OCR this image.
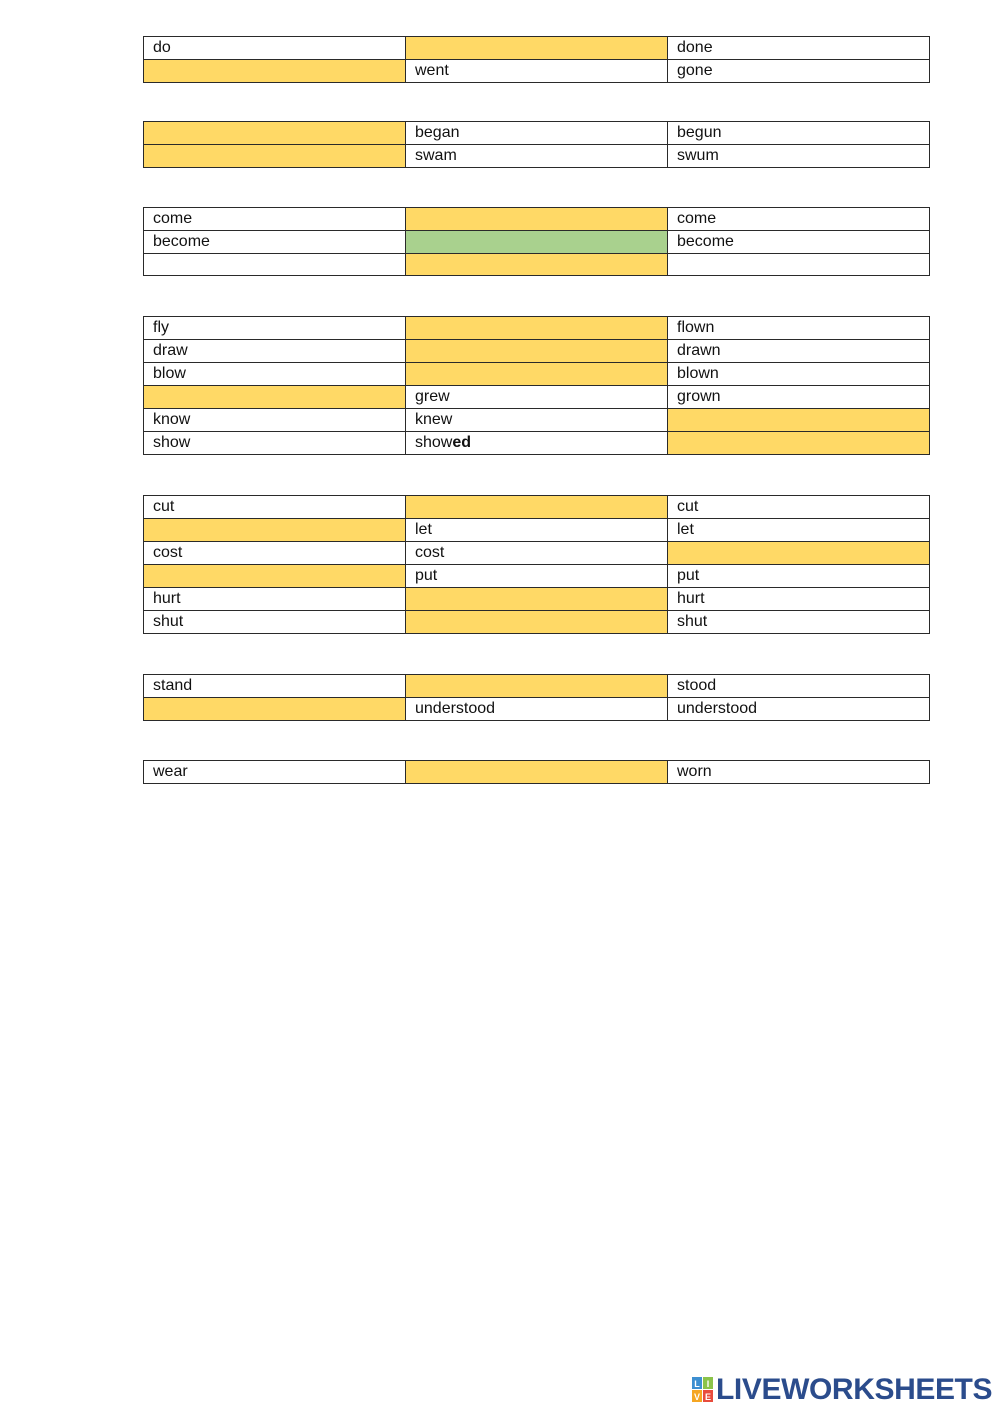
do		done
	went	gone
	began	begun
	swam	swum
come		come
become		become

fly		flown
draw		drawn
blow		blown
	grew	grown
know	knew	
show	showed	
cut		cut
	let	let
cost	cost	
	put	put
hurt		hurt
shut		shut
stand		stood
	understood	understood
wear		worn
L I
V E LIVEWORKSHEETS
